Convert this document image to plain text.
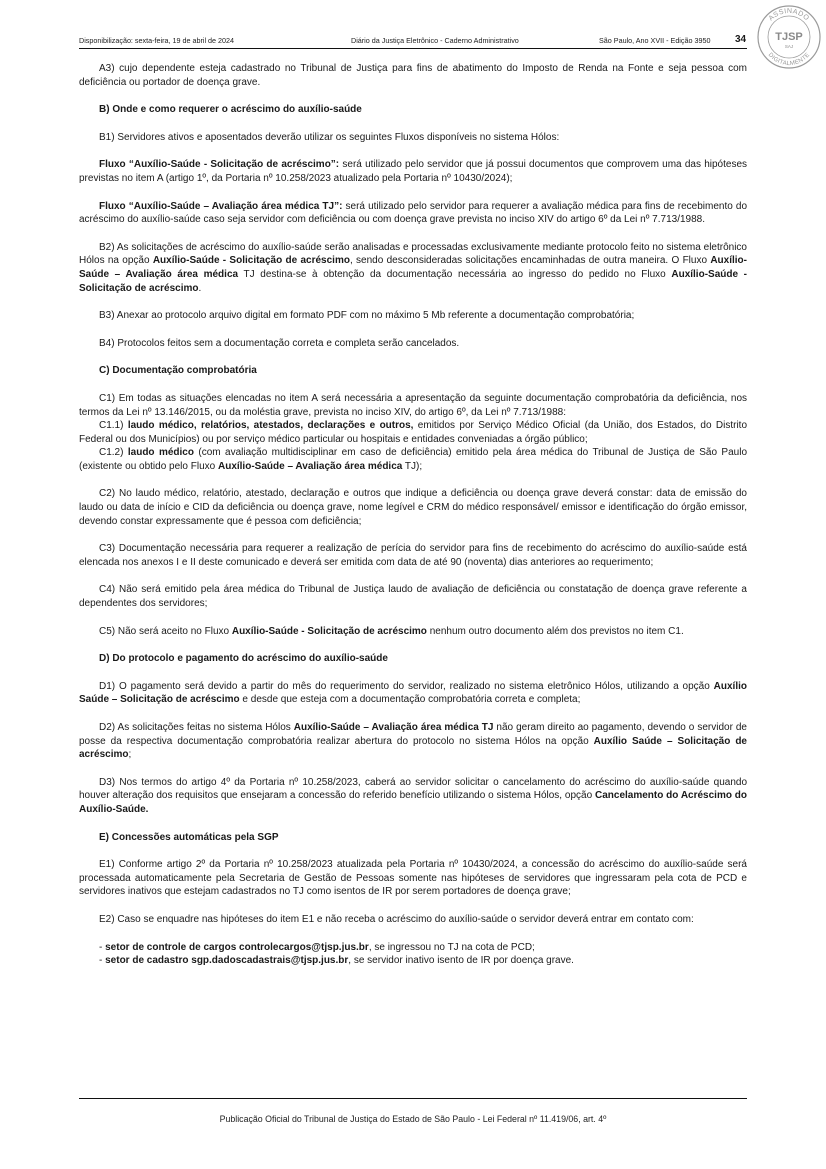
Disponibilização: sexta-feira, 19 de abril de 2024	Diário da Justiça Eletrônico - Caderno Administrativo	São Paulo, Ano XVII - Edição 3950 34
ASSINADO
DIGITALMENTE
TJSP
SAJ

A3) cujo dependente esteja cadastrado no Tribunal de Justiça para fins de abatimento do Imposto de Renda na Fonte e seja pessoa com deficiência ou portador de doença grave.

B) Onde e como requerer o acréscimo do auxílio-saúde

B1) Servidores ativos e aposentados deverão utilizar os seguintes Fluxos disponíveis no sistema Hólos:

Fluxo “Auxílio-Saúde - Solicitação de acréscimo”: será utilizado pelo servidor que já possui documentos que comprovem uma das hipóteses previstas no item A (artigo 1º, da Portaria nº 10.258/2023 atualizado pela Portaria nº 10430/2024);

Fluxo “Auxílio-Saúde – Avaliação área médica TJ”: será utilizado pelo servidor para requerer a avaliação médica para fins de recebimento do acréscimo do auxílio-saúde caso seja servidor com deficiência ou com doença grave prevista no inciso XIV do artigo 6º da Lei nº 7.713/1988.

B2) As solicitações de acréscimo do auxílio-saúde serão analisadas e processadas exclusivamente mediante protocolo feito no sistema eletrônico Hólos na opção Auxílio-Saúde - Solicitação de acréscimo, sendo desconsideradas solicitações encaminhadas de outra maneira. O Fluxo Auxílio-Saúde – Avaliação área médica TJ destina-se à obtenção da documentação necessária ao ingresso do pedido no Fluxo Auxílio-Saúde - Solicitação de acréscimo.

B3) Anexar ao protocolo arquivo digital em formato PDF com no máximo 5 Mb referente a documentação comprobatória;

B4) Protocolos feitos sem a documentação correta e completa serão cancelados.

C) Documentação comprobatória

C1) Em todas as situações elencadas no item A será necessária a apresentação da seguinte documentação comprobatória da deficiência, nos termos da Lei nº 13.146/2015, ou da moléstia grave, prevista no inciso XIV, do artigo 6º, da Lei nº 7.713/1988:

C1.1) laudo médico, relatórios, atestados, declarações e outros, emitidos por Serviço Médico Oficial (da União, dos Estados, do Distrito Federal ou dos Municípios) ou por serviço médico particular ou hospitais e entidades conveniadas a órgão público;

C1.2) laudo médico (com avaliação multidisciplinar em caso de deficiência) emitido pela área médica do Tribunal de Justiça de São Paulo (existente ou obtido pelo Fluxo Auxílio-Saúde – Avaliação área médica TJ);

C2) No laudo médico, relatório, atestado, declaração e outros que indique a deficiência ou doença grave deverá constar: data de emissão do laudo ou data de início e CID da deficiência ou doença grave, nome legível e CRM do médico responsável/ emissor e identificação do órgão emissor, devendo constar expressamente que é pessoa com deficiência;

C3) Documentação necessária para requerer a realização de perícia do servidor para fins de recebimento do acréscimo do auxílio-saúde está elencada nos anexos I e II deste comunicado e deverá ser emitida com data de até 90 (noventa) dias anteriores ao requerimento;

C4) Não será emitido pela área médica do Tribunal de Justiça laudo de avaliação de deficiência ou constatação de doença grave referente a dependentes dos servidores;

C5) Não será aceito no Fluxo Auxílio-Saúde - Solicitação de acréscimo nenhum outro documento além dos previstos no item C1.

D) Do protocolo e pagamento do acréscimo do auxílio-saúde

D1) O pagamento será devido a partir do mês do requerimento do servidor, realizado no sistema eletrônico Hólos, utilizando a opção Auxílio Saúde – Solicitação de acréscimo e desde que esteja com a documentação comprobatória correta e completa;

D2) As solicitações feitas no sistema Hólos Auxílio-Saúde – Avaliação área médica TJ não geram direito ao pagamento, devendo o servidor de posse da respectiva documentação comprobatória realizar abertura do protocolo no sistema Hólos na opção Auxílio Saúde – Solicitação de acréscimo;

D3) Nos termos do artigo 4º da Portaria nº 10.258/2023, caberá ao servidor solicitar o cancelamento do acréscimo do auxílio-saúde quando houver alteração dos requisitos que ensejaram a concessão do referido benefício utilizando o sistema Hólos, opção Cancelamento do Acréscimo do Auxílio-Saúde.

E) Concessões automáticas pela SGP

E1) Conforme artigo 2º da Portaria nº 10.258/2023 atualizada pela Portaria nº 10430/2024, a concessão do acréscimo do auxílio-saúde será processada automaticamente pela Secretaria de Gestão de Pessoas somente nas hipóteses de servidores que ingressaram pela cota de PCD e servidores inativos que estejam cadastrados no TJ como isentos de IR por serem portadores de doença grave;

E2) Caso se enquadre nas hipóteses do item E1 e não receba o acréscimo do auxílio-saúde o servidor deverá entrar em contato com:

- setor de controle de cargos controlecargos@tjsp.jus.br, se ingressou no TJ na cota de PCD;

- setor de cadastro sgp.dadoscadastrais@tjsp.jus.br, se servidor inativo isento de IR por doença grave.

Publicação Oficial do Tribunal de Justiça do Estado de São Paulo - Lei Federal nº 11.419/06, art. 4º
